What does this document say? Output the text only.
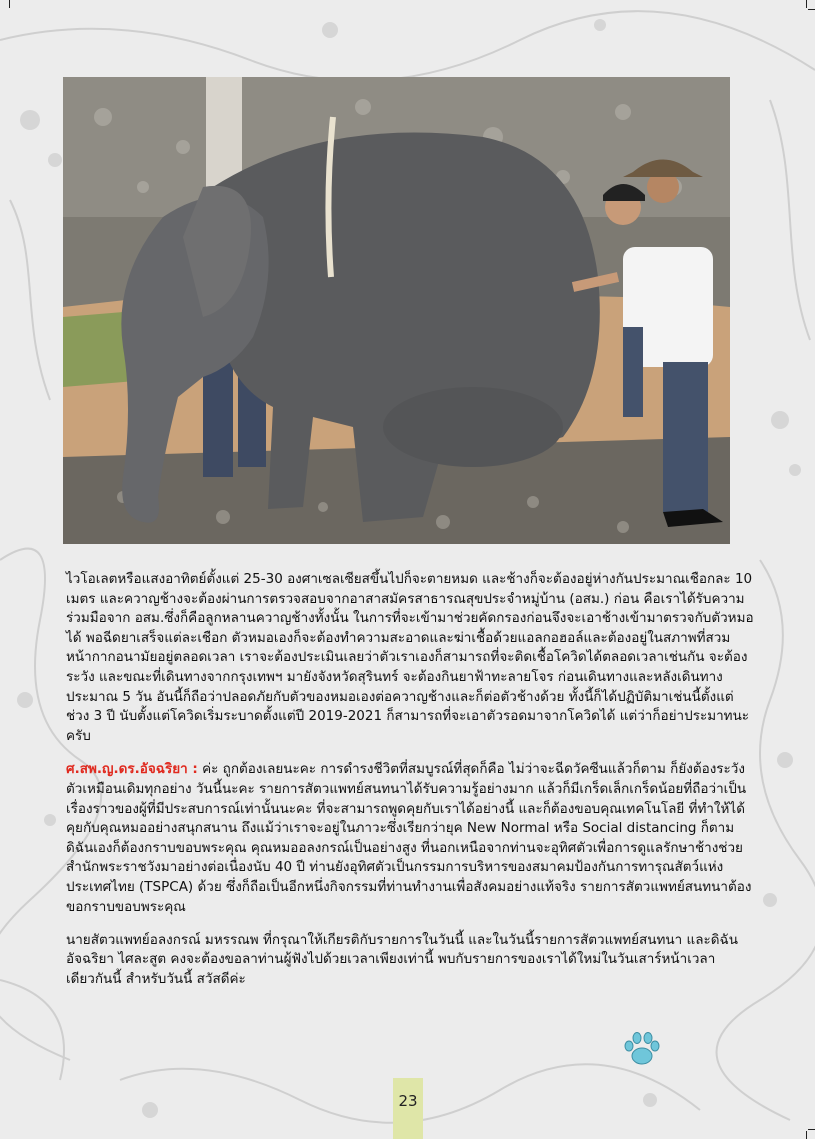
ไวโอเลตหรือแสงอาทิตย์ตั้งแต่ 25-30 องศาเซลเซียสขึ้นไปก็จะตายหมด และช้างก็จะต้องอยู่ห่างกันประมาณเชือกละ 10 เมตร และควาญช้างจะต้องผ่านการตรวจสอบจากอาสาสมัครสาธารณสุขประจำหมู่บ้าน (อสม.) ก่อน คือเราได้รับความร่วมมือจาก อสม.ซึ่งก็คือลูกหลานควาญช้างทั้งนั้น ในการที่จะเข้ามาช่วยคัดกรองก่อนจึงจะเอาช้างเข้ามาตรวจกับตัวหมอได้ พอฉีดยาเสร็จแต่ละเชือก ตัวหมอเองก็จะต้องทำความสะอาดและฆ่าเชื้อด้วยแอลกอฮอล์และต้องอยู่ในสภาพที่สวมหน้ากากอนามัยอยู่ตลอดเวลา เราจะต้องประเมินเลยว่าตัวเราเองก็สามารถที่จะติดเชื้อโควิดได้ตลอดเวลาเช่นกัน จะต้องระวัง และขณะที่เดินทางจากกรุงเทพฯ มายังจังหวัดสุรินทร์ จะต้องกินยาฟ้าทะลายโจร ก่อนเดินทางและหลังเดินทางประมาณ 5 วัน อันนี้ก็ถือว่าปลอดภัยกับตัวของหมอเองต่อควาญช้างและก็ต่อตัวช้างด้วย ทั้งนี้ก็ได้ปฏิบัติมาเช่นนี้ตั้งแต่ช่วง 3 ปี นับตั้งแต่โควิดเริ่มระบาดตั้งแต่ปี 2019-2021 ก็สามารถที่จะเอาตัวรอดมาจากโควิดได้ แต่ว่าก็อย่าประมาทนะครับ

ศ.สพ.ญ.ดร.อัจฉริยา : ค่ะ ถูกต้องเลยนะคะ การดำรงชีวิตที่สมบูรณ์ที่สุดก็คือ ไม่ว่าจะฉีดวัคซีนแล้วก็ตาม ก็ยังต้องระวังตัวเหมือนเดิมทุกอย่าง วันนี้นะคะ รายการสัตวแพทย์สนทนาได้รับความรู้อย่างมาก แล้วก็มีเกร็ดเล็กเกร็ดน้อยที่ถือว่าเป็นเรื่องราวของผู้ที่มีประสบการณ์เท่านั้นนะคะ ที่จะสามารถพูดคุยกับเราได้อย่างนี้ และก็ต้องขอบคุณเทคโนโลยี ที่ทำให้ได้คุยกับคุณหมออย่างสนุกสนาน ถึงแม้ว่าเราจะอยู่ในภาวะซึ่งเรียกว่ายุค New Normal หรือ Social distancing ก็ตาม ดิฉันเองก็ต้องกราบขอบพระคุณ คุณหมออลงกรณ์เป็นอย่างสูง ที่นอกเหนือจากท่านจะอุทิศตัวเพื่อการดูแลรักษาช้างช่วยสำนักพระราชวังมาอย่างต่อเนื่องนับ 40 ปี ท่านยังอุทิศตัวเป็นกรรมการบริหารของสมาคมป้องกันการทารุณสัตว์แห่งประเทศไทย (TSPCA) ด้วย ซึ่งก็ถือเป็นอีกหนึ่งกิจกรรมที่ท่านทำงานเพื่อสังคมอย่างแท้จริง รายการสัตวแพทย์สนทนาต้องขอกราบขอบพระคุณ

นายสัตวแพทย์อลงกรณ์ มหรรณพ ที่กรุณาให้เกียรติกับรายการในวันนี้ และในวันนี้รายการสัตวแพทย์สนทนา และดิฉันอัจฉริยา ไศละสูต คงจะต้องขอลาท่านผู้ฟังไปด้วยเวลาเพียงเท่านี้ พบกับรายการของเราได้ใหม่ในวันเสาร์หน้าเวลาเดียวกันนี้ สำหรับวันนี้ สวัสดีค่ะ

23
